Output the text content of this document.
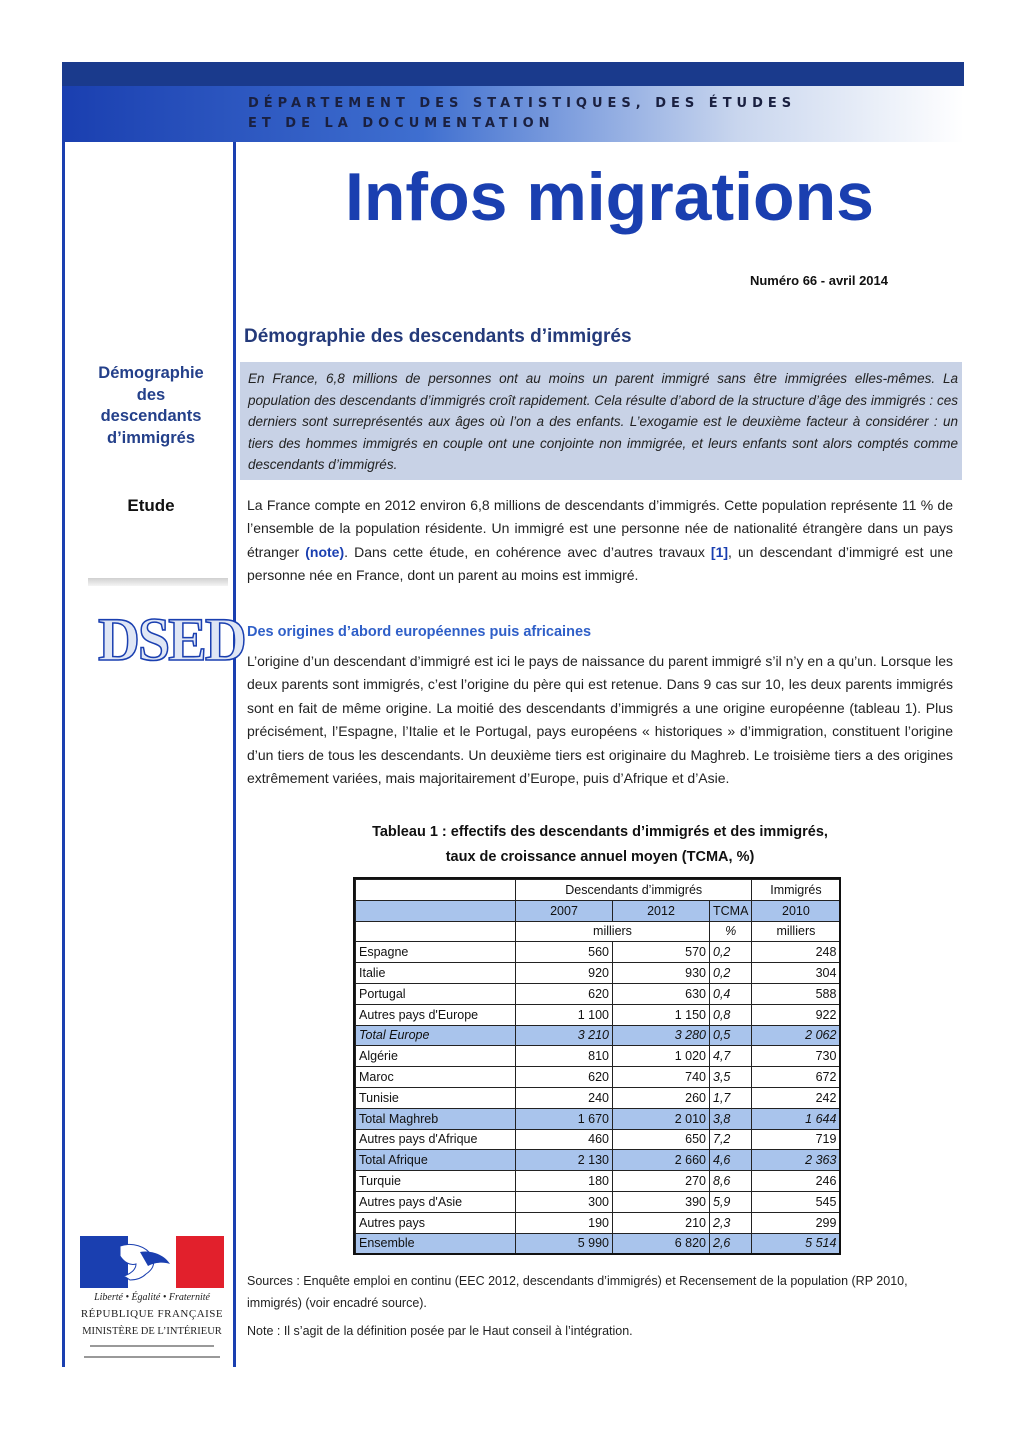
DÉPARTEMENT DES STATISTIQUES, DES ÉTUDES
ET DE LA DOCUMENTATION
Infos migrations
Numéro 66 - avril 2014
Démographie
des
descendants
d’immigrés
Etude
DSED
Liberté • Égalité • Fraternité
RÉPUBLIQUE FRANÇAISE
MINISTÈRE DE L’INTÉRIEUR
Démographie des descendants d’immigrés
En France, 6,8 millions de personnes ont au moins un parent immigré sans être immigrées elles-mêmes. La population des descendants d’immigrés croît rapidement. Cela résulte d’abord de la structure d’âge des immigrés : ces derniers sont surreprésentés aux âges où l’on a des enfants. L’exogamie est le deuxième facteur à considérer : un tiers des hommes immigrés en couple ont une conjointe non immigrée, et leurs enfants sont alors comptés comme descendants d’immigrés.

La France compte en 2012 environ 6,8 millions de descendants d’immigrés. Cette population représente 11 % de l’ensemble de la population résidente. Un immigré est une personne née de nationalité étrangère dans un pays étranger (note). Dans cette étude, en cohérence avec d’autres travaux [1], un descendant d’immigré est une personne née en France, dont un parent au moins est immigré.

Des origines d’abord européennes puis africaines

L’origine d’un descendant d’immigré est ici le pays de naissance du parent immigré s’il n’y en a qu’un. Lorsque les deux parents sont immigrés, c’est l’origine du père qui est retenue. Dans 9 cas sur 10, les deux parents immigrés sont en fait de même origine. La moitié des descendants d’immigrés a une origine européenne (tableau 1). Plus précisément, l’Espagne, l’Italie et le Portugal, pays européens « historiques » d’immigration, constituent l’origine d’un tiers de tous les descendants. Un deuxième tiers est originaire du Maghreb. Le troisième tiers a des origines extrêmement variées, mais majoritairement d’Europe, puis d’Afrique et d’Asie.

Tableau 1 : effectifs des descendants d’immigrés et des immigrés,
taux de croissance annuel moyen (TCMA, %)
	Descendants d’immigrés			Immigrés
	2007	2012	TCMA	2010
	milliers		%	milliers
Espagne	560	570	0,2	248
Italie	920	930	0,2	304
Portugal	620	630	0,4	588
Autres pays d'Europe	1 100	1 150	0,8	922
Total Europe	3 210	3 280	0,5	2 062
Algérie	810	1 020	4,7	730
Maroc	620	740	3,5	672
Tunisie	240	260	1,7	242
Total Maghreb	1 670	2 010	3,8	1 644
Autres pays d'Afrique	460	650	7,2	719
Total Afrique	2 130	2 660	4,6	2 363
Turquie	180	270	8,6	246
Autres pays d'Asie	300	390	5,9	545
Autres pays	190	210	2,3	299
Ensemble	5 990	6 820	2,6	5 514
Sources : Enquête emploi en continu (EEC 2012, descendants d’immigrés) et Recensement de la population (RP 2010, immigrés) (voir encadré source).
Note : Il s’agit de la définition posée par le Haut conseil à l’intégration.
